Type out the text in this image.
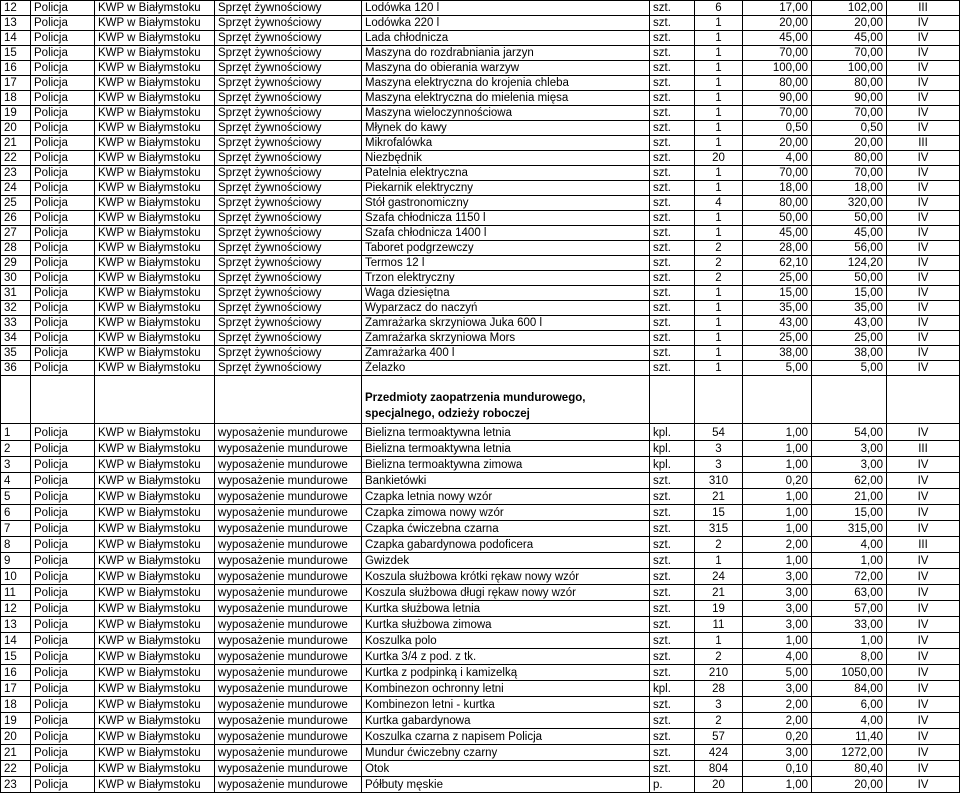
12	Policja	KWP w Białymstoku	Sprzęt żywnościowy	Lodówka 120 l	szt.	6	17,00	102,00	III
13	Policja	KWP w Białymstoku	Sprzęt żywnościowy	Lodówka 220 l	szt.	1	20,00	20,00	IV
14	Policja	KWP w Białymstoku	Sprzęt żywnościowy	Lada chłodnicza	szt.	1	45,00	45,00	IV
15	Policja	KWP w Białymstoku	Sprzęt żywnościowy	Maszyna do rozdrabniania jarzyn	szt.	1	70,00	70,00	IV
16	Policja	KWP w Białymstoku	Sprzęt żywnościowy	Maszyna do obierania warzyw	szt.	1	100,00	100,00	IV
17	Policja	KWP w Białymstoku	Sprzęt żywnościowy	Maszyna elektryczna do krojenia chleba	szt.	1	80,00	80,00	IV
18	Policja	KWP w Białymstoku	Sprzęt żywnościowy	Maszyna elektryczna do mielenia mięsa	szt.	1	90,00	90,00	IV
19	Policja	KWP w Białymstoku	Sprzęt żywnościowy	Maszyna wieloczynnościowa	szt.	1	70,00	70,00	IV
20	Policja	KWP w Białymstoku	Sprzęt żywnościowy	Młynek do kawy	szt.	1	0,50	0,50	IV
21	Policja	KWP w Białymstoku	Sprzęt żywnościowy	Mikrofalówka	szt.	1	20,00	20,00	III
22	Policja	KWP w Białymstoku	Sprzęt żywnościowy	Niezbędnik	szt.	20	4,00	80,00	IV
23	Policja	KWP w Białymstoku	Sprzęt żywnościowy	Patelnia elektryczna	szt.	1	70,00	70,00	IV
24	Policja	KWP w Białymstoku	Sprzęt żywnościowy	Piekarnik elektryczny	szt.	1	18,00	18,00	IV
25	Policja	KWP w Białymstoku	Sprzęt żywnościowy	Stół gastronomiczny	szt.	4	80,00	320,00	IV
26	Policja	KWP w Białymstoku	Sprzęt żywnościowy	Szafa chłodnicza 1150 l	szt.	1	50,00	50,00	IV
27	Policja	KWP w Białymstoku	Sprzęt żywnościowy	Szafa chłodnicza 1400 l	szt.	1	45,00	45,00	IV
28	Policja	KWP w Białymstoku	Sprzęt żywnościowy	Taboret podgrzewczy	szt.	2	28,00	56,00	IV
29	Policja	KWP w Białymstoku	Sprzęt żywnościowy	Termos 12 l	szt.	2	62,10	124,20	IV
30	Policja	KWP w Białymstoku	Sprzęt żywnościowy	Trzon elektryczny	szt.	2	25,00	50,00	IV
31	Policja	KWP w Białymstoku	Sprzęt żywnościowy	Waga dziesiętna	szt.	1	15,00	15,00	IV
32	Policja	KWP w Białymstoku	Sprzęt żywnościowy	Wyparzacz do naczyń	szt.	1	35,00	35,00	IV
33	Policja	KWP w Białymstoku	Sprzęt żywnościowy	Zamrażarka skrzyniowa Juka 600 l	szt.	1	43,00	43,00	IV
34	Policja	KWP w Białymstoku	Sprzęt żywnościowy	Zamrażarka skrzyniowa Mors	szt.	1	25,00	25,00	IV
35	Policja	KWP w Białymstoku	Sprzęt żywnościowy	Zamrażarka 400 l	szt.	1	38,00	38,00	IV
36	Policja	KWP w Białymstoku	Sprzęt żywnościowy	Żelazko	szt.	1	5,00	5,00	IV
				Przedmioty zaopatrzenia mundurowego, specjalnego, odzieży roboczej					
1	Policja	KWP w Białymstoku	wyposażenie mundurowe	Bielizna termoaktywna letnia	kpl.	54	1,00	54,00	IV
2	Policja	KWP w Białymstoku	wyposażenie mundurowe	Bielizna termoaktywna letnia	kpl.	3	1,00	3,00	III
3	Policja	KWP w Białymstoku	wyposażenie mundurowe	Bielizna termoaktywna zimowa	kpl.	3	1,00	3,00	IV
4	Policja	KWP w Białymstoku	wyposażenie mundurowe	Bankietówki	szt.	310	0,20	62,00	IV
5	Policja	KWP w Białymstoku	wyposażenie mundurowe	Czapka letnia nowy wzór	szt.	21	1,00	21,00	IV
6	Policja	KWP w Białymstoku	wyposażenie mundurowe	Czapka zimowa nowy wzór	szt.	15	1,00	15,00	IV
7	Policja	KWP w Białymstoku	wyposażenie mundurowe	Czapka ćwiczebna czarna	szt.	315	1,00	315,00	IV
8	Policja	KWP w Białymstoku	wyposażenie mundurowe	Czapka gabardynowa podoficera	szt.	2	2,00	4,00	III
9	Policja	KWP w Białymstoku	wyposażenie mundurowe	Gwizdek	szt.	1	1,00	1,00	IV
10	Policja	KWP w Białymstoku	wyposażenie mundurowe	Koszula służbowa krótki rękaw nowy wzór	szt.	24	3,00	72,00	IV
11	Policja	KWP w Białymstoku	wyposażenie mundurowe	Koszula służbowa długi rękaw nowy wzór	szt.	21	3,00	63,00	IV
12	Policja	KWP w Białymstoku	wyposażenie mundurowe	Kurtka służbowa letnia	szt.	19	3,00	57,00	IV
13	Policja	KWP w Białymstoku	wyposażenie mundurowe	Kurtka służbowa zimowa	szt.	11	3,00	33,00	IV
14	Policja	KWP w Białymstoku	wyposażenie mundurowe	Koszulka polo	szt.	1	1,00	1,00	IV
15	Policja	KWP w Białymstoku	wyposażenie mundurowe	Kurtka 3/4 z pod. z tk.	szt.	2	4,00	8,00	IV
16	Policja	KWP w Białymstoku	wyposażenie mundurowe	Kurtka z podpinką i kamizelką	szt.	210	5,00	1050,00	IV
17	Policja	KWP w Białymstoku	wyposażenie mundurowe	Kombinezon ochronny letni	kpl.	28	3,00	84,00	IV
18	Policja	KWP w Białymstoku	wyposażenie mundurowe	Kombinezon letni - kurtka	szt.	3	2,00	6,00	IV
19	Policja	KWP w Białymstoku	wyposażenie mundurowe	Kurtka gabardynowa	szt.	2	2,00	4,00	IV
20	Policja	KWP w Białymstoku	wyposażenie mundurowe	Koszulka czarna z napisem Policja	szt.	57	0,20	11,40	IV
21	Policja	KWP w Białymstoku	wyposażenie mundurowe	Mundur ćwiczebny czarny	szt.	424	3,00	1272,00	IV
22	Policja	KWP w Białymstoku	wyposażenie mundurowe	Otok	szt.	804	0,10	80,40	IV
23	Policja	KWP w Białymstoku	wyposażenie mundurowe	Półbuty męskie	p.	20	1,00	20,00	IV
